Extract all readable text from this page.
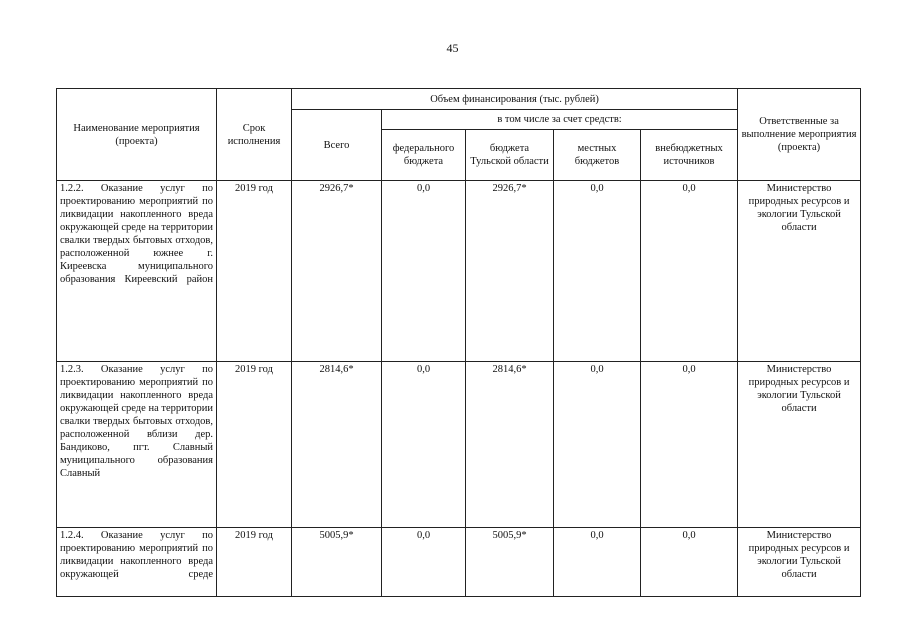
45
Наименование мероприятия (проекта)	Срок исполнения	Объем финансирования (тыс. рублей)					Ответственные за выполнение мероприятия (проекта)
		Всего	в том числе за счет средств:				
			федерального бюджета	бюджета Тульской области	местных бюджетов	внебюджетных источников	
1.2.2. Оказание услуг по проектированию мероприятий по ликвидации накопленного вреда окружающей среде на территории свалки твердых бытовых отходов, расположенной южнее г. Киреевска муниципального образования Киреевский район	2019 год	2926,7*	0,0	2926,7*	0,0	0,0	Министерство природных ресурсов и экологии Тульской области
1.2.3. Оказание услуг по проектированию мероприятий по ликвидации накопленного вреда окружающей среде на территории свалки твердых бытовых отходов, расположенной вблизи дер. Бандиково, пгт. Славный муниципального образования Славный	2019 год	2814,6*	0,0	2814,6*	0,0	0,0	Министерство природных ресурсов и экологии Тульской области
1.2.4. Оказание услуг по проектированию мероприятий по ликвидации накопленного вреда окружающей среде	2019 год	5005,9*	0,0	5005,9*	0,0	0,0	Министерство природных ресурсов и экологии Тульской области
